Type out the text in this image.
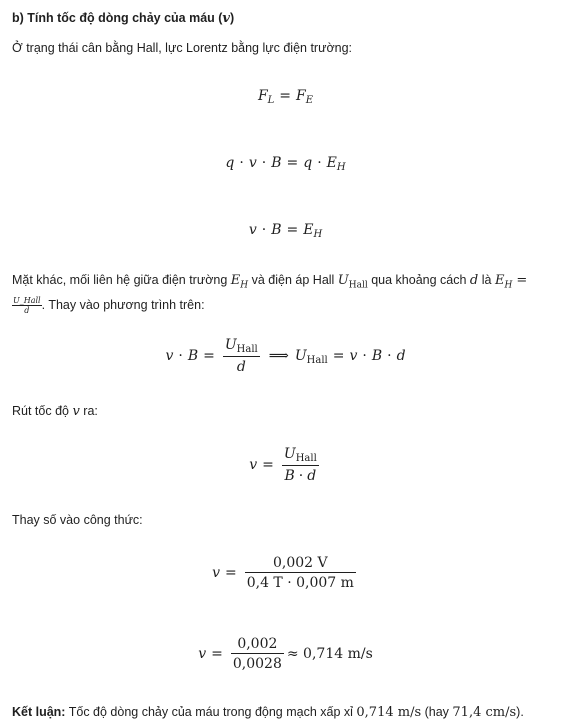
b) Tính tốc độ dòng chảy của máu (v)
Ở trạng thái cân bằng Hall, lực Lorentz bằng lực điện trường:
$F_L = F_E$
$q \cdot v \cdot B = q \cdot E_H$
$v \cdot B = E_H$
Mặt khác, mối liên hệ giữa điện trường $E_H$ và điện áp Hall $U_{Hall}$ qua khoảng cách d là $E_H$ =

$\frac{\text{U\_Hall}}{d}$ . Thay vào phương trình trên:
$v \cdot B = \frac{U_{Hall}}{d}$ ⟹ $U_{Hall} = v \cdot B \cdot d$
Rút tốc độ v ra:
$v = \frac{U_{Hall}}{B \cdot d}$
Thay số vào công thức:
$v = \frac{0,002 V}{0,4 T \cdot 0,007 m}$
$v = \frac{0,002}{0,0028} \approx 0,714$ m/s
Kết luận: Tốc độ dòng chảy của máu trong động mạch xấp xỉ 0,714 m/s (hay 71,4 cm/s).
